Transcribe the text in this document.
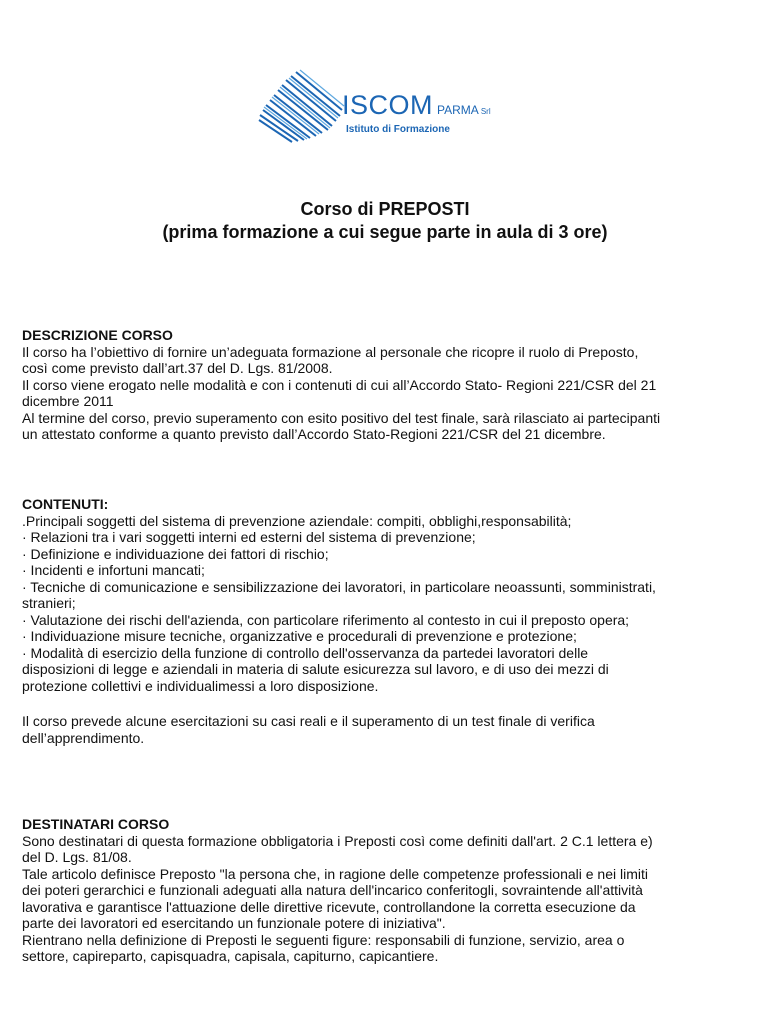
ISCOM PARMA Srl
Istituto di Formazione
Corso di PREPOSTI
(prima formazione a cui segue parte in aula di 3 ore)
DESCRIZIONE CORSO

Il corso ha l’obiettivo di fornire un’adeguata formazione al personale che ricopre il ruolo di Preposto,

così come previsto dall’art.37 del D. Lgs. 81/2008.

Il corso viene erogato nelle modalità e con i contenuti di cui all’Accordo Stato- Regioni 221/CSR del 21

dicembre 2011

Al termine del corso, previo superamento con esito positivo del test finale, sarà rilasciato ai partecipanti

un attestato conforme a quanto previsto dall’Accordo Stato-Regioni 221/CSR del 21 dicembre.

CONTENUTI:

.Principali soggetti del sistema di prevenzione aziendale: compiti, obblighi,responsabilità;

· Relazioni tra i vari soggetti interni ed esterni del sistema di prevenzione;

· Definizione e individuazione dei fattori di rischio;

· Incidenti e infortuni mancati;

· Tecniche di comunicazione e sensibilizzazione dei lavoratori, in particolare neoassunti, somministrati,

stranieri;

· Valutazione dei rischi dell'azienda, con particolare riferimento al contesto in cui il preposto opera;

· Individuazione misure tecniche, organizzative e procedurali di prevenzione e protezione;

· Modalità di esercizio della funzione di controllo dell'osservanza da partedei lavoratori delle

disposizioni di legge e aziendali in materia di salute esicurezza sul lavoro, e di uso dei mezzi di

protezione collettivi e individualimessi a loro disposizione.

Il corso prevede alcune esercitazioni su casi reali e il superamento di un test finale di verifica

dell’apprendimento.

DESTINATARI CORSO

Sono destinatari di questa formazione obbligatoria i Preposti così come definiti dall'art. 2 C.1 lettera e)

del D. Lgs. 81/08.

Tale articolo definisce Preposto "la persona che, in ragione delle competenze professionali e nei limiti

dei poteri gerarchici e funzionali adeguati alla natura dell'incarico conferitogli, sovraintende all'attività

lavorativa e garantisce l'attuazione delle direttive ricevute, controllandone la corretta esecuzione da

parte dei lavoratori ed esercitando un funzionale potere di iniziativa".

Rientrano nella definizione di Preposti le seguenti figure: responsabili di funzione, servizio, area o

settore, capireparto, capisquadra, capisala, capiturno, capicantiere.
